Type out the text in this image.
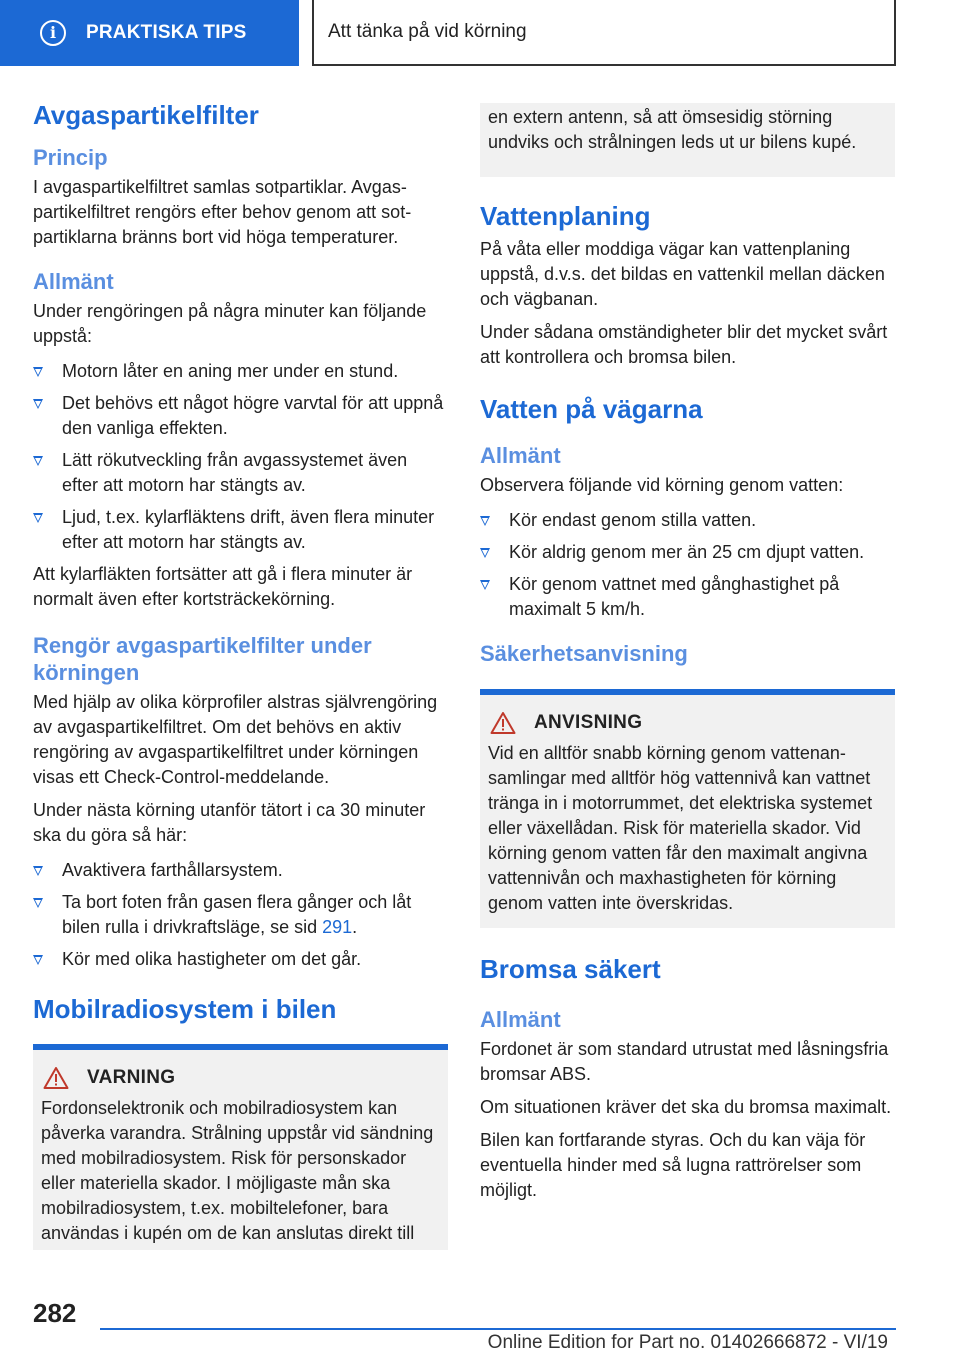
i	PRAKTISKA TIPS	Att tänka på vid körning
Avgaspartikelfilter
Princip

I avgaspartikelfiltret samlas sotpartiklar. Avgaspartikelfiltret rengörs efter behov genom att sotpartiklarna bränns bort vid höga temperaturer.

Allmänt

Under rengöringen på några minuter kan följande uppstå:

Motorn låter en aning mer under en stund.
Det behövs ett något högre varvtal för att uppnå den vanliga effekten.
Lätt rökutveckling från avgassystemet även efter att motorn har stängts av.
Ljud, t.ex. kylarfläktens drift, även flera minuter efter att motorn har stängts av.

Att kylarfläkten fortsätter att gå i flera minuter är normalt även efter kortsträckekörning.

Rengör avgaspartikelfilter under körningen

Med hjälp av olika körprofiler alstras självrengöring av avgaspartikelfiltret. Om det behövs en aktiv rengöring av avgaspartikelfiltret under körningen visas ett Check-Control-meddelande.

Under nästa körning utanför tätort i ca 30 minuter ska du göra så här:

Avaktivera farthållarsystem.
Ta bort foten från gasen flera gånger och låt bilen rulla i drivkraftsläge, se sid 291.
Kör med olika hastigheter om det går.
Mobilradiosystem i bilen
VARNING

Fordonselektronik och mobilradiosystem kan påverka varandra. Strålning uppstår vid sändning med mobilradiosystem. Risk för personskador eller materiella skador. I möjligaste mån ska mobilradiosystem, t.ex. mobiltelefoner, bara användas i kupén om de kan anslutas direkt till

en extern antenn, så att ömsesidig störning undviks och strålningen leds ut ur bilens kupé.

Vattenplaning

På våta eller moddiga vägar kan vattenplaning uppstå, d.v.s. det bildas en vattenkil mellan däcken och vägbanan.

Under sådana omständigheter blir det mycket svårt att kontrollera och bromsa bilen.

Vatten på vägarna
Allmänt

Observera följande vid körning genom vatten:

Kör endast genom stilla vatten.
Kör aldrig genom mer än 25 cm djupt vatten.
Kör genom vattnet med gånghastighet på maximalt 5 km/h.
Säkerhetsanvisning
ANVISNING

Vid en alltför snabb körning genom vattenansamlingar med alltför hög vattennivå kan vattnet tränga in i motorrummet, det elektriska systemet eller växellådan. Risk för materiella skador. Vid körning genom vatten får den maximalt angivna vattennivån och maxhastigheten för körning genom vatten inte överskridas.

Bromsa säkert
Allmänt

Fordonet är som standard utrustat med låsningsfria bromsar ABS.

Om situationen kräver det ska du bromsa maximalt.

Bilen kan fortfarande styras. Och du kan väja för eventuella hinder med så lugna rattrörelser som möjligt.

282
Online Edition for Part no. 01402666872 - VI/19
